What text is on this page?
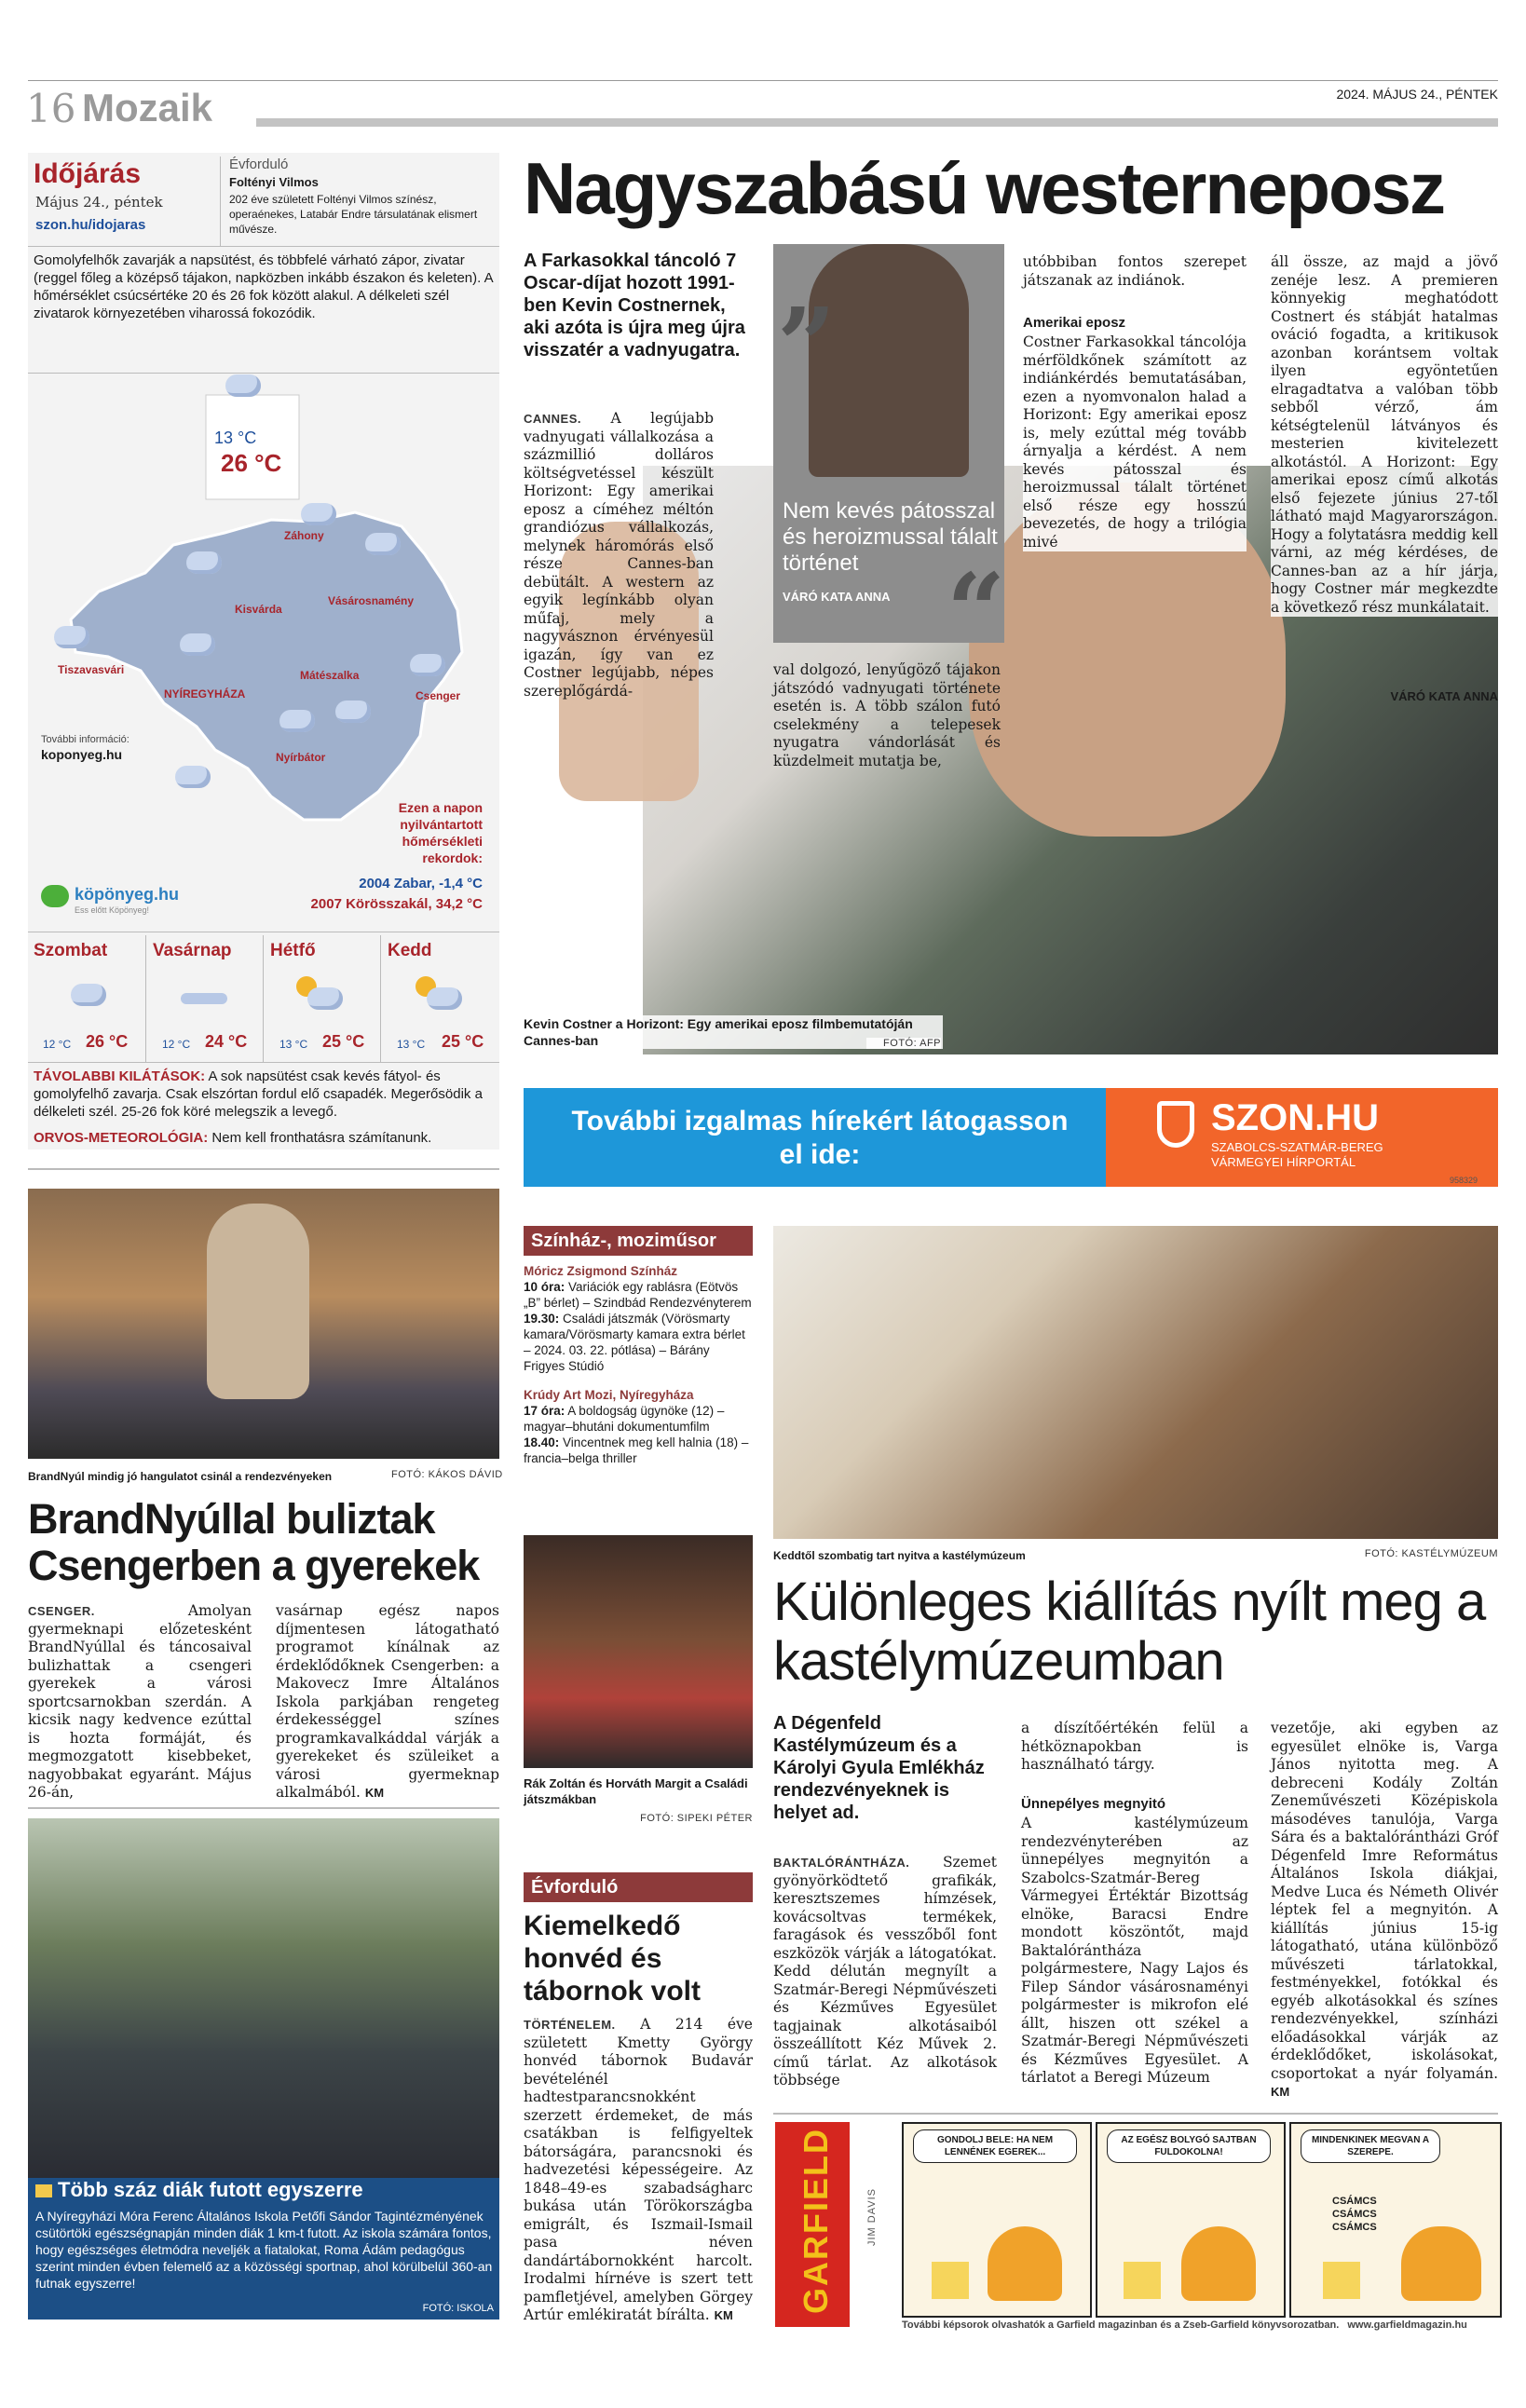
16 Mozaik	2024. MÁJUS 24., PÉNTEK
Időjárás
Május 24., péntek
szon.hu/idojaras
Évforduló
Foltényi Vilmos
202 éve született Foltényi Vilmos színész, operaénekes, Latabár Endre társulatának elismert művésze.
Gomolyfelhők zavarják a napsütést, és többfelé várható zápor, zivatar (reggel főleg a középső tájakon, napközben inkább északon és keleten). A hőmérséklet csúcsértéke 20 és 26 fok között alakul. A délkeleti szél zivatarok környezetében viharossá fokozódik.
13 °C
26 °C
Záhony
Kisvárda
Vásárosnamény
Tiszavasvári	Mátészalka
NYÍREGYHÁZA	Csenger
Nyírbátor
További információ:
koponyeg.hu
Ezen a napon nyilvántartott hőmérsékleti rekordok:
2004 Zabar, -1,4 °C
2007 Körösszakál, 34,2 °C
köpönyeg.hu
Ess előtt Köpönyeg!
Szombat
12 °C 26 °C
Vasárnap
12 °C 24 °C
Hétfő
13 °C 25 °C
Kedd
13 °C 25 °C
TÁVOLABBI KILÁTÁSOK: A sok napsütést csak kevés fátyol- és gomolyfelhő zavarja. Csak elszórtan fordul elő csapadék. Megerősödik a délkeleti szél. 25-26 fok köré melegszik a levegő.
ORVOS-METEOROLÓGIA: Nem kell fronthatásra számítanunk.
Nagyszabású westerneposz
A Farkasokkal táncoló 7 Oscar-díjat hozott 1991-ben Kevin Costnernek, aki azóta is újra meg újra visszatér a vadnyugatra.
CANNES. A legújabb vadnyugati vállalkozása a százmillió dolláros költségvetéssel készült Horizont: Egy amerikai eposz a címéhez méltón grandiózus vállalkozás, melynek háromórás első része Cannes-ban debütált. A western az egyik legínkább olyan műfaj, mely a nagyvásznon érvényesül igazán, így van ez Costner legújabb, népes szereplőgárdá-
„
Nem kevés pátosszal és heroizmussal tálalt történet
VÁRÓ KATA ANNA “
val dolgozó, lenyűgöző tájakon játszódó vadnyugati története esetén is. A több szálon futó cselekmény a telepesek nyugatra vándorlását és küzdelmeit mutatja be,
utóbbiban fontos szerepet játszanak az indiánok.
Amerikai eposz
Costner Farkasokkal táncolója mérföldkőnek számított az indiánkérdés bemutatásában, ezen a nyomvonalon halad a Horizont: Egy amerikai eposz is, mely ezúttal még tovább árnyalja a kérdést. A nem kevés pátosszal és heroizmussal tálalt történet első része egy hosszú bevezetés, de hogy a trilógia mivé
áll össze, az majd a jövő zenéje lesz. A premieren könnyekig meghatódott Costnert és stábját hatalmas ováció fogadta, a kritikusok azonban korántsem voltak ilyen egyöntetűen elragadtatva a valóban több sebből vérző, ám kétségtelenül látványos és mesterien kivitelezett alkotástól. A Horizont: Egy amerikai eposz című alkotás első fejezete június 27-től látható majd Magyarországon. Hogy a folytatásra meddig kell várni, az még kérdéses, de Cannes-ban az a hír járja, hogy Costner már megkezdte a következő rész munkálatait.
VÁRÓ KATA ANNA
Kevin Costner a Horizont: Egy amerikai eposz filmbemutatóján Cannes-ban	FOTÓ: AFP
További izgalmas hírekért látogasson el ide:
SZON.HU
SZABOLCS-SZATMÁR-BEREG VÁRMEGYEI HÍRPORTÁL
958329
BrandNyúl mindig jó hangulatot csinál a rendezvényeken	FOTÓ: KÁKOS DÁVID
BrandNyúllal buliztak Csengerben a gyerekek
CSENGER.	Amolyan gyermeknapi előzetesként BrandNyúllal és táncosaival bulizhattak a csengeri gyerekek a városi sportcsarnokban szerdán. A kicsik nagy kedvence ezúttal is hozta formáját, és megmozgatott kisebbeket, nagyobbakat egyaránt. Május 26-án,
vasárnap egész napos díjmentesen látogatható programot kínálnak az érdeklődőknek Csengerben: a Makovecz Imre Általános Iskola parkjában rengeteg érdekességgel színes programkavalkáddal várják a gyerekeket és szüleiket a városi gyermeknap alkalmából. KM
Több száz diák futott egyszerre
A Nyíregyházi Móra Ferenc Általános Iskola Petőfi Sándor Tagintézményének csütörtöki egészségnapján minden diák 1 km-t futott. Az iskola számára fontos, hogy egészséges életmódra neveljék a fiatalokat, Roma Ádám pedagógus szerint minden évben felemelő az a közösségi sportnap, ahol körülbelül 360-an futnak egyszerre!
FOTÓ: ISKOLA
Színház-, moziműsor
Móricz Zsigmond Színház
10 óra: Variációk egy rablásra (Eötvös „B” bérlet) – Szindbád Rendezvényterem
19.30: Családi játszmák (Vörösmarty kamara/Vörösmarty kamara extra bérlet – 2024. 03. 22. pótlása) – Bárány Frigyes Stúdió
Krúdy Art Mozi, Nyíregyháza
17 óra: A boldogság ügynöke (12) – magyar–bhutáni dokumentumfilm
18.40: Vincentnek meg kell halnia (18) – francia–belga thriller
Rák Zoltán és Horváth Margit a Családi játszmákban
FOTÓ: SIPEKI PÉTER
Évforduló
Kiemelkedő honvéd és tábornok volt
TÖRTÉNELEM. A 214 éve született Kmetty György honvéd tábornok Budavár bevételénél hadtestparancsnokként szerzett érdemeket, de más csatákban is felfigyeltek bátorságára, parancsnoki és hadvezetési képességeire. Az 1848–49-es szabadságharc bukása után Törökországba emigrált, és Iszmail-Ismail pasa néven dandártábornokként harcolt. Irodalmi hírnéve is szert tett pamfletjével, amelyben Görgey Artúr emlékiratát bírálta. KM
Keddtől szombatig tart nyitva a kastélymúzeum	FOTÓ: KASTÉLYMÚZEUM
Különleges kiállítás nyílt meg a kastélymúzeumban
A Dégenfeld Kastélymúzeum és a Károlyi Gyula Emlékház rendezvényeknek is helyet ad.
BAKTALÓRÁNTHÁZA. Szemet gyönyörködtető grafikák, keresztszemes hímzések, kovácsoltvas termékek, faragások és vesszőből font eszközök várják a látogatókat. Kedd délután megnyílt a Szatmár-Beregi Népművészeti és Kézműves Egyesület tagjainak alkotásaiból összeállított Kéz Művek 2. című tárlat. Az alkotások többsége
a díszítőértékén felül a hétköznapokban is használható tárgy.
Ünnepélyes megnyitó
A kastélymúzeum rendezvényterében az ünnepélyes megnyitón a Szabolcs-Szatmár-Bereg Vármegyei Értéktár Bizottság elnöke, Baracsi Endre mondott köszöntőt, majd Baktalórántháza polgármestere, Nagy Lajos és Filep Sándor vásárosnaményi polgármester is mikrofon elé állt, hiszen ott székel a Szatmár-Beregi Népművészeti és Kézműves Egyesület. A tárlatot a Beregi Múzeum
vezetője, aki egyben az egyesület elnöke is, Varga János nyitotta meg. A debreceni Kodály Zoltán Zeneművészeti Középiskola másodéves tanulója, Varga Sára és a baktalórántházi Gróf Dégenfeld Imre Református Általános Iskola diákjai, Medve Luca és Németh Olivér léptek fel a megnyitón. A kiállítás június 15-ig látogatható, utána különböző művészeti tárlatokkal, festményekkel, fotókkal és egyéb alkotásokkal és színes rendezvényekkel, színházi előadásokkal várják az érdeklődőket, iskolásokat, csoportokat a nyár folyamán. KM
GARFIELD	JIM DAVIS
GONDOLJ BELE: HA NEM LENNÉNEK EGEREK...
AZ EGÉSZ BOLYGÓ SAJTBAN FULDOKOLNA!
MINDENKINEK MEGVAN A SZEREPE.
CSÁMCS CSÁMCS CSÁMCS
További képsorok olvashatók a Garfield magazinban és a Zseb-Garfield könyvsorozatban. www.garfieldmagazin.hu
